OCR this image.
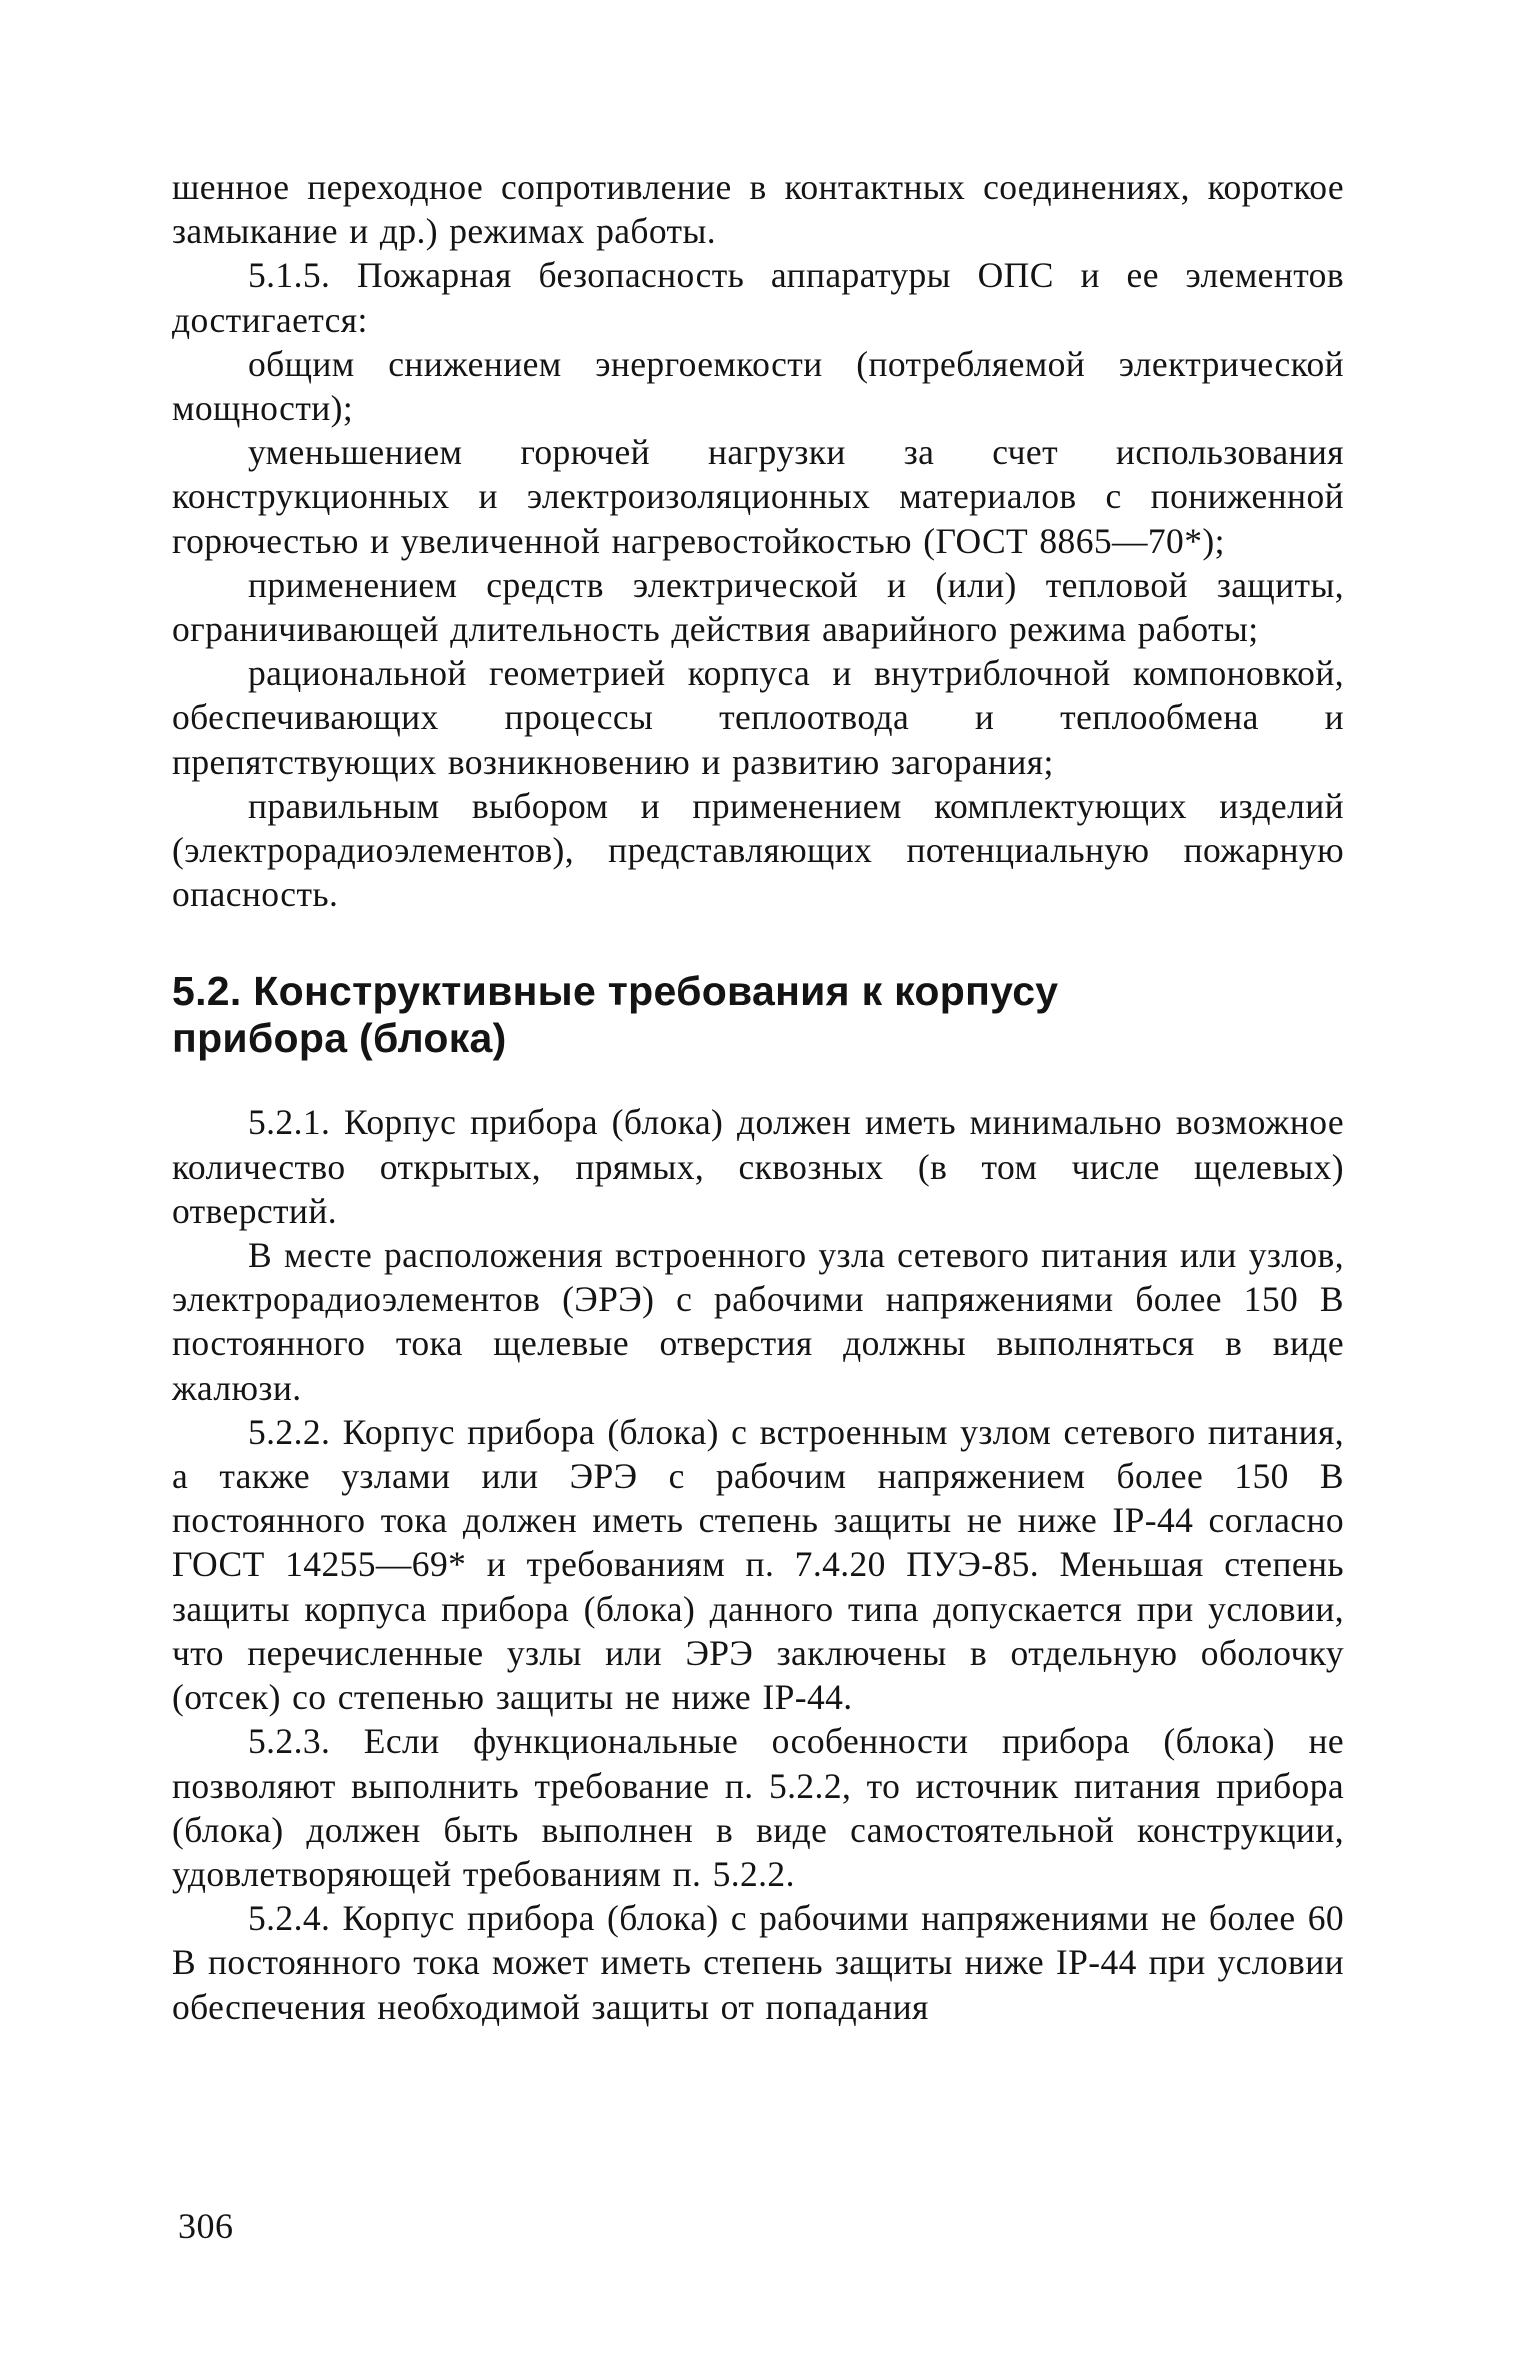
шенное переходное сопротивление в контактных соединениях, короткое замыкание и др.) режимах работы.

5.1.5. Пожарная безопасность аппаратуры ОПС и ее элементов достигается:

общим снижением энергоемкости (потребляемой электрической мощности);

уменьшением горючей нагрузки за счет использования конструкционных и электроизоляционных материалов с пониженной горючестью и увеличенной нагревостойкостью (ГОСТ 8865—70*);

применением средств электрической и (или) тепловой защиты, ограничивающей длительность действия аварийного режима работы;

рациональной геометрией корпуса и внутриблочной компоновкой, обеспечивающих процессы теплоотвода и теплообмена и препятствующих возникновению и развитию загорания;

правильным выбором и применением комплектующих изделий (электрорадиоэлементов), представляющих потенциальную пожарную опасность.

5.2. Конструктивные требования к корпусу
прибора (блока)

5.2.1. Корпус прибора (блока) должен иметь минимально возможное количество открытых, прямых, сквозных (в том числе щелевых) отверстий.

В месте расположения встроенного узла сетевого питания или узлов, электрорадиоэлементов (ЭРЭ) с рабочими напряжениями более 150 В постоянного тока щелевые отверстия должны выполняться в виде жалюзи.

5.2.2. Корпус прибора (блока) с встроенным узлом сетевого питания, а также узлами или ЭРЭ с рабочим напряжением более 150 В постоянного тока должен иметь степень защиты не ниже IP-44 согласно ГОСТ 14255—69* и требованиям п. 7.4.20 ПУЭ-85. Меньшая степень защиты корпуса прибора (блока) данного типа допускается при условии, что перечисленные узлы или ЭРЭ заключены в отдельную оболочку (отсек) со степенью защиты не ниже IP-44.

5.2.3. Если функциональные особенности прибора (блока) не позволяют выполнить требование п. 5.2.2, то источник питания прибора (блока) должен быть выполнен в виде самостоятельной конструкции, удовлетворяющей требованиям п. 5.2.2.

5.2.4. Корпус прибора (блока) с рабочими напряжениями не более 60 В постоянного тока может иметь степень защиты ниже IP-44 при условии обеспечения необходимой защиты от попадания

306
